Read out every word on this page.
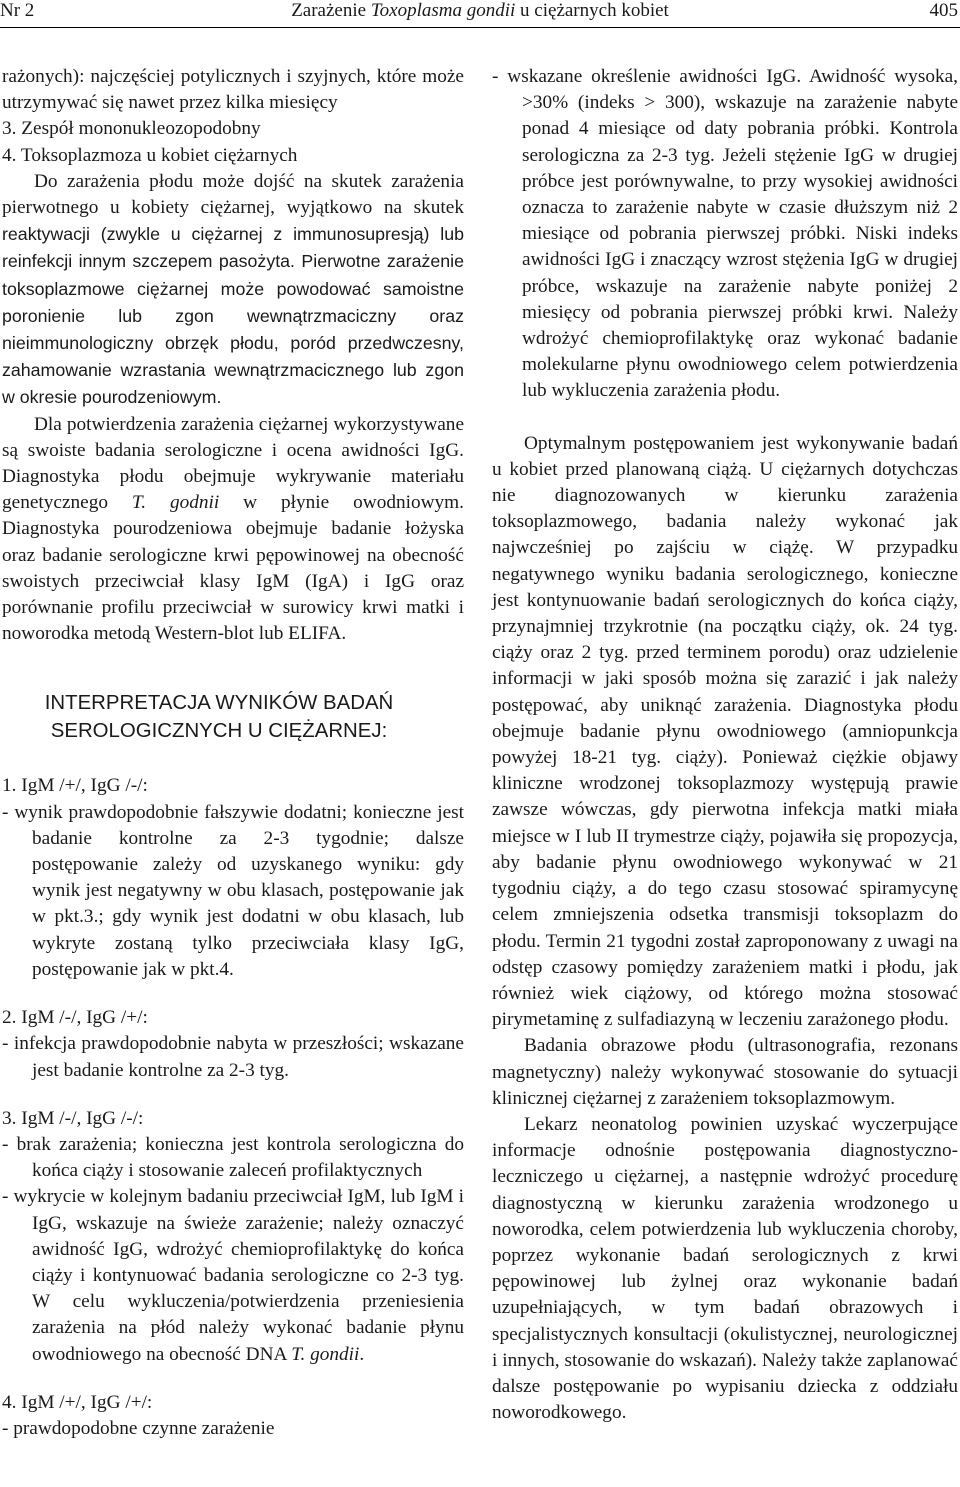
Nr 2	Zarażenie Toxoplasma gondii u ciężarnych kobiet	405

rażonych): najczęściej potylicznych i szyjnych, które może utrzymywać się nawet przez kilka miesięcy

3. Zespół mononukleozopodobny

4. Toksoplazmoza u kobiet ciężarnych

Do zarażenia płodu może dojść na skutek zarażenia pierwotnego u kobiety ciężarnej, wyjątkowo na skutek reaktywacji (zwykle u ciężarnej z immunosupresją) lub reinfekcji innym szczepem pasożyta. Pierwotne zarażenie toksoplazmowe ciężarnej może powodować samoistne poronienie lub zgon wewnątrzmaciczny oraz nieimmunologiczny obrzęk płodu, poród przedwczesny, zahamowanie wzrastania wewnątrzmacicznego lub zgon w okresie pourodzeniowym.

Dla potwierdzenia zarażenia ciężarnej wykorzystywane są swoiste badania serologiczne i ocena awidności IgG. Diagnostyka płodu obejmuje wykrywanie materiału genetycznego T. godnii w płynie owodniowym. Diagnostyka pourodzeniowa obejmuje badanie łożyska oraz badanie serologiczne krwi pępowinowej na obecność swoistych przeciwciał klasy IgM (IgA) i IgG oraz porównanie profilu przeciwciał w surowicy krwi matki i noworodka metodą Western-blot lub ELIFA.

INTERPRETACJA WYNIKÓW BADAŃ

SEROLOGICZNYCH U CIĘŻARNEJ:

1. IgM /+/, IgG /-/:

- wynik prawdopodobnie fałszywie dodatni; konieczne jest badanie kontrolne za 2-3 tygodnie; dalsze postępowanie zależy od uzyskanego wyniku: gdy wynik jest negatywny w obu klasach, postępowanie jak w pkt.3.; gdy wynik jest dodatni w obu klasach, lub wykryte zostaną tylko przeciwciała klasy IgG, postępowanie jak w pkt.4.

2. IgM /-/, IgG /+/:

- infekcja prawdopodobnie nabyta w przeszłości; wskazane jest badanie kontrolne za 2-3 tyg.

3. IgM /-/, IgG /-/:

- brak zarażenia; konieczna jest kontrola serologiczna do końca ciąży i stosowanie zaleceń profilaktycznych

- wykrycie w kolejnym badaniu przeciwciał IgM, lub IgM i IgG, wskazuje na świeże zarażenie; należy oznaczyć awidność IgG, wdrożyć chemioprofilaktykę do końca ciąży i kontynuować badania serologiczne co 2-3 tyg. W celu wykluczenia/potwierdzenia przeniesienia zarażenia na płód należy wykonać badanie płynu owodniowego na obecność DNA T. gondii.

4. IgM /+/, IgG /+/:

- prawdopodobne czynne zarażenie

- wskazane określenie awidności IgG. Awidność wysoka, >30% (indeks > 300), wskazuje na zarażenie nabyte ponad 4 miesiące od daty pobrania próbki. Kontrola serologiczna za 2-3 tyg. Jeżeli stężenie IgG w drugiej próbce jest porównywalne, to przy wysokiej awidności oznacza to zarażenie nabyte w czasie dłuższym niż 2 miesiące od pobrania pierwszej próbki. Niski indeks awidności IgG i znaczący wzrost stężenia IgG w drugiej próbce, wskazuje na zarażenie nabyte poniżej 2 miesięcy od pobrania pierwszej próbki krwi. Należy wdrożyć chemioprofilaktykę oraz wykonać badanie molekularne płynu owodniowego celem potwierdzenia lub wykluczenia zarażenia płodu.

Optymalnym postępowaniem jest wykonywanie badań u kobiet przed planowaną ciążą. U ciężarnych dotychczas nie diagnozowanych w kierunku zarażenia toksoplazmowego, badania należy wykonać jak najwcześniej po zajściu w ciążę. W przypadku negatywnego wyniku badania serologicznego, konieczne jest kontynuowanie badań serologicznych do końca ciąży, przynajmniej trzykrotnie (na początku ciąży, ok. 24 tyg. ciąży oraz 2 tyg. przed terminem porodu) oraz udzielenie informacji w jaki sposób można się zarazić i jak należy postępować, aby uniknąć zarażenia. Diagnostyka płodu obejmuje badanie płynu owodniowego (amniopunkcja powyżej 18-21 tyg. ciąży). Ponieważ ciężkie objawy kliniczne wrodzonej toksoplazmozy występują prawie zawsze wówczas, gdy pierwotna infekcja matki miała miejsce w I lub II trymestrze ciąży, pojawiła się propozycja, aby badanie płynu owodniowego wykonywać w 21 tygodniu ciąży, a do tego czasu stosować spiramycynę celem zmniejszenia odsetka transmisji toksoplazm do płodu. Termin 21 tygodni został zaproponowany z uwagi na odstęp czasowy pomiędzy zarażeniem matki i płodu, jak również wiek ciążowy, od którego można stosować pirymetaminę z sulfadiazyną w leczeniu zarażonego płodu.

Badania obrazowe płodu (ultrasonografia, rezonans magnetyczny) należy wykonywać stosowanie do sytuacji klinicznej ciężarnej z zarażeniem toksoplazmowym.

Lekarz neonatolog powinien uzyskać wyczerpujące informacje odnośnie postępowania diagnostyczno-leczniczego u ciężarnej, a następnie wdrożyć procedurę diagnostyczną w kierunku zarażenia wrodzonego u noworodka, celem potwierdzenia lub wykluczenia choroby, poprzez wykonanie badań serologicznych z krwi pępowinowej lub żylnej oraz wykonanie badań uzupełniających, w tym badań obrazowych i specjalistycznych konsultacji (okulistycznej, neurologicznej i innych, stosowanie do wskazań). Należy także zaplanować dalsze postępowanie po wypisaniu dziecka z oddziału noworodkowego.
